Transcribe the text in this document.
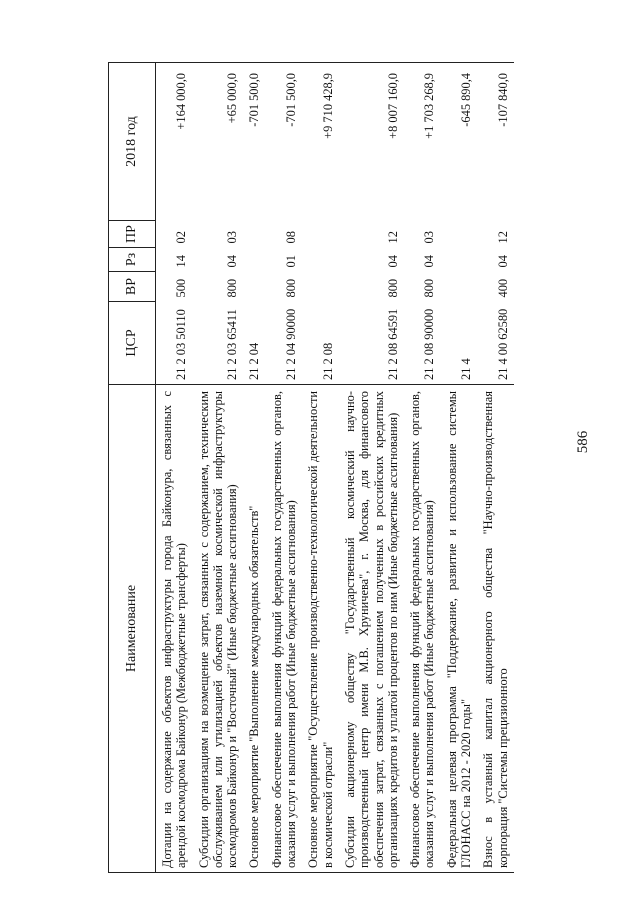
586
Наименование	ЦСР	ВР	Рз	ПР	2018 год
Дотации на содержание объектов инфраструктуры города Байконура, связанных с арендой космодрома Байконур (Межбюджетные трансферты)	21 2 03 50110	500	14	02	+164 000,0
Субсидии организациям на возмещение затрат, связанных с содержанием, техническим обслуживанием или утилизацией объектов наземной космической инфраструктуры космодромов Байконур и "Восточный" (Иные бюджетные ассигнования)	21 2 03 65411	800	04	03	+65 000,0
Основное мероприятие "Выполнение международных обязательств"	21 2 04				-701 500,0
Финансовое обеспечение выполнения функций федеральных государственных органов, оказания услуг и выполнения работ (Иные бюджетные ассигнования)	21 2 04 90000	800	01	08	-701 500,0
Основное мероприятие "Осуществление производственно-технологической деятельности в космической отрасли"	21 2 08				+9 710 428,9
Субсидии акционерному обществу "Государственный космический научно-производственный центр имени М.В. Хруничева", г. Москва, для финансового обеспечения затрат, связанных с погашением полученных в российских кредитных организациях кредитов и уплатой процентов по ним (Иные бюджетные ассигнования)	21 2 08 64591	800	04	12	+8 007 160,0
Финансовое обеспечение выполнения функций федеральных государственных органов, оказания услуг и выполнения работ (Иные бюджетные ассигнования)	21 2 08 90000	800	04	03	+1 703 268,9
Федеральная целевая программа "Поддержание, развитие и использование системы ГЛОНАСС на 2012 - 2020 годы"	21 4				-645 890,4
Взнос в уставный капитал акционерного общества "Научно-производственная корпорация "Системы прецизионного	21 4 00 62580	400	04	12	-107 840,0
